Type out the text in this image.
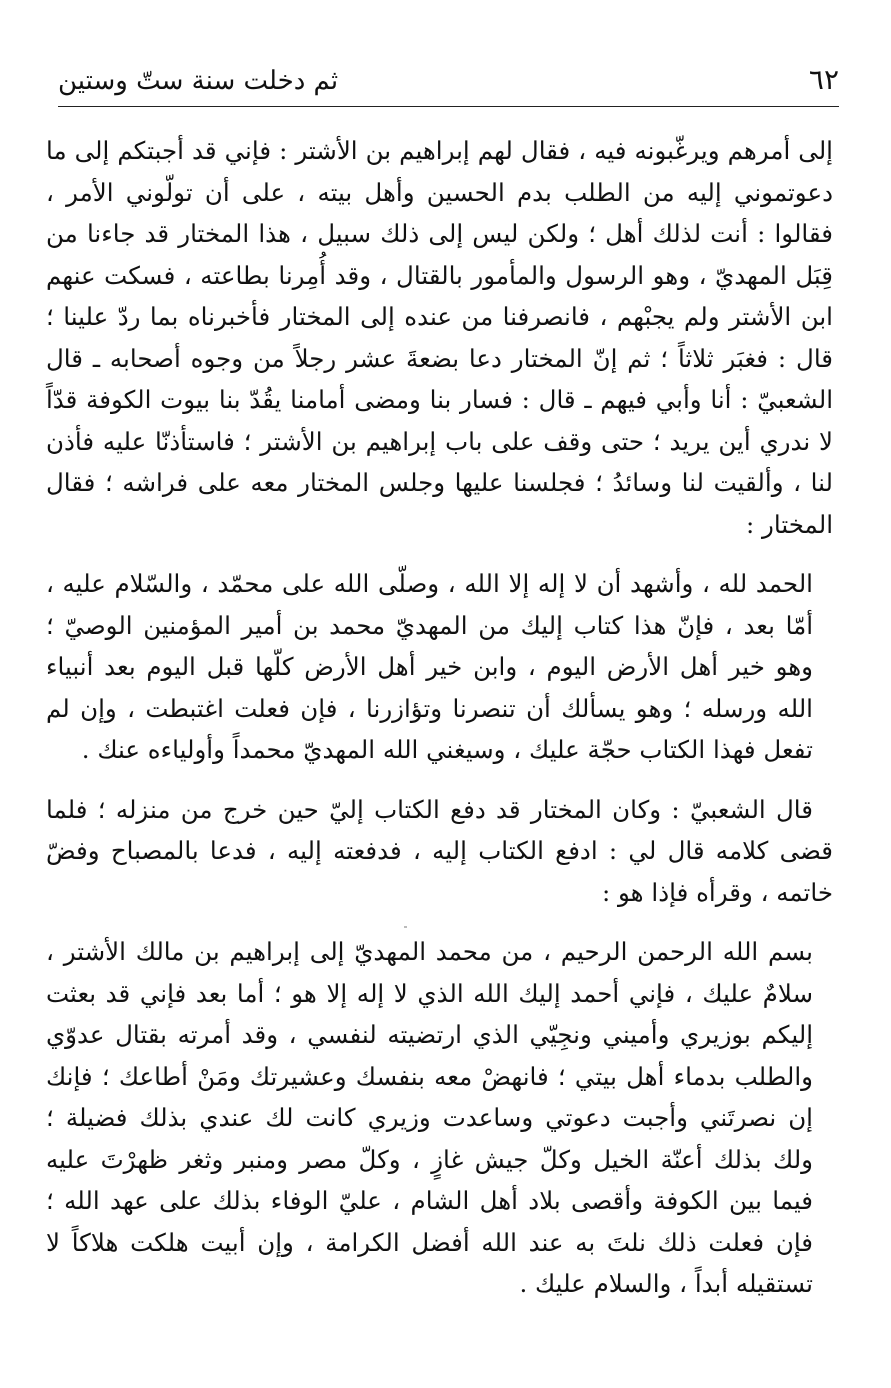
٦٢
ثم دخلت سنة ستّ وستين

إلى أمرهم ويرغّبونه فيه ، فقال لهم إبراهيم بن الأشتر : فإني قد أجبتكم إلى ما دعوتموني إليه من الطلب بدم الحسين وأهل بيته ، على أن تولّوني الأمر ، فقالوا : أنت لذلك أهل ؛ ولكن ليس إلى ذلك سبيل ، هذا المختار قد جاءنا من قِبَل المهديّ ، وهو الرسول والمأمور بالقتال ، وقد أُمِرنا بطاعته ، فسكت عنهم ابن الأشتر ولم يجبْهم ، فانصرفنا من عنده إلى المختار فأخبرناه بما ردّ علينا ؛ قال : فغبَر ثلاثاً ؛ ثم إنّ المختار دعا بضعةَ عشر رجلاً من وجوه أصحابه ـ قال الشعبيّ : أنا وأبي فيهم ـ قال : فسار بنا ومضى أمامنا يقُدّ بنا بيوت الكوفة قدّاً لا ندري أين يريد ؛ حتى وقف على باب إبراهيم بن الأشتر ؛ فاستأذنّا عليه فأذن لنا ، وألقيت لنا وسائدُ ؛ فجلسنا عليها وجلس المختار معه على فراشه ؛ فقال المختار :

الحمد لله ، وأشهد أن لا إله إلا الله ، وصلّى الله على محمّد ، والسّلام عليه ، أمّا بعد ، فإنّ هذا كتاب إليك من المهديّ محمد بن أمير المؤمنين الوصيّ ؛ وهو خير أهل الأرض اليوم ، وابن خير أهل الأرض كلّها قبل اليوم بعد أنبياء الله ورسله ؛ وهو يسألك أن تنصرنا وتؤازرنا ، فإن فعلت اغتبطت ، وإن لم تفعل فهذا الكتاب حجّة عليك ، وسيغني الله المهديّ محمداً وأولياءه عنك .

قال الشعبيّ : وكان المختار قد دفع الكتاب إليّ حين خرج من منزله ؛ فلما قضى كلامه قال لي : ادفع الكتاب إليه ، فدفعته إليه ، فدعا بالمصباح وفضّ خاتمه ، وقرأه فإذا هو :

بسم الله الرحمن الرحيم ، من محمد المهديّ إلى إبراهيم بن مالك الأشتر ، سلامٌ عليك ، فإني أحمد إليك الله الذي لا إله إلا هو ؛ أما بعد فإني قد بعثت إليكم بوزيري وأميني ونجِيّي الذي ارتضيته لنفسي ، وقد أمرته بقتال عدوّي والطلب بدماء أهل بيتي ؛ فانهضْ معه بنفسك وعشيرتك ومَنْ أطاعك ؛ فإنك إن نصرتَني وأجبت دعوتي وساعدت وزيري كانت لك عندي بذلك فضيلة ؛ ولك بذلك أعنّة الخيل وكلّ جيش غازٍ ، وكلّ مصر ومنبر وثغر ظهرْتَ عليه فيما بين الكوفة وأقصى بلاد أهل الشام ، عليّ الوفاء بذلك على عهد الله ؛ فإن فعلت ذلك نلتَ به عند الله أفضل الكرامة ، وإن أبيت هلكت هلاكاً لا تستقيله أبداً ، والسلام عليك .
